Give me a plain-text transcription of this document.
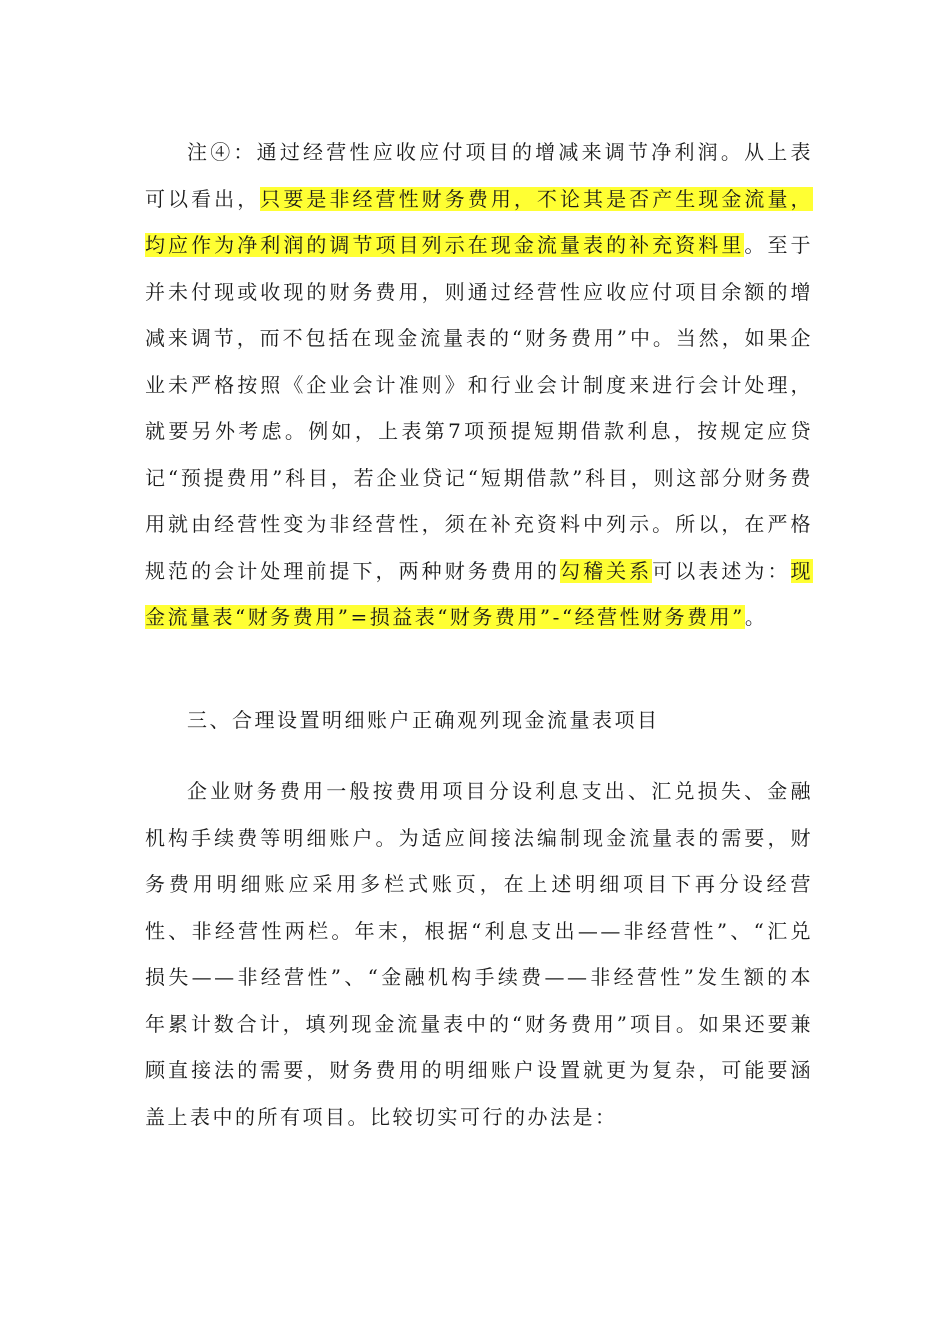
注④：通过经营性应收应付项目的增减来调节净利润。从上表可以看出，只要是非经营性财务费用，不论其是否产生现金流量，均应作为净利润的调节项目列示在现金流量表的补充资料里。至于并未付现或收现的财务费用，则通过经营性应收应付项目余额的增减来调节，而不包括在现金流量表的“财务费用”中。当然，如果企业未严格按照《企业会计准则》和行业会计制度来进行会计处理，就要另外考虑。例如，上表第7项预提短期借款利息，按规定应贷记“预提费用”科目，若企业贷记“短期借款”科目，则这部分财务费用就由经营性变为非经营性，须在补充资料中列示。所以，在严格规范的会计处理前提下，两种财务费用的勾稽关系可以表述为：现金流量表“财务费用”=损益表“财务费用”-“经营性财务费用”。

三、合理设置明细账户正确观列现金流量表项目

企业财务费用一般按费用项目分设利息支出、汇兑损失、金融机构手续费等明细账户。为适应间接法编制现金流量表的需要，财务费用明细账应采用多栏式账页，在上述明细项目下再分设经营性、非经营性两栏。年末，根据“利息支出——非经营性”、“汇兑损失——非经营性”、“金融机构手续费——非经营性”发生额的本年累计数合计，填列现金流量表中的“财务费用”项目。如果还要兼顾直接法的需要，财务费用的明细账户设置就更为复杂，可能要涵盖上表中的所有项目。比较切实可行的办法是：
